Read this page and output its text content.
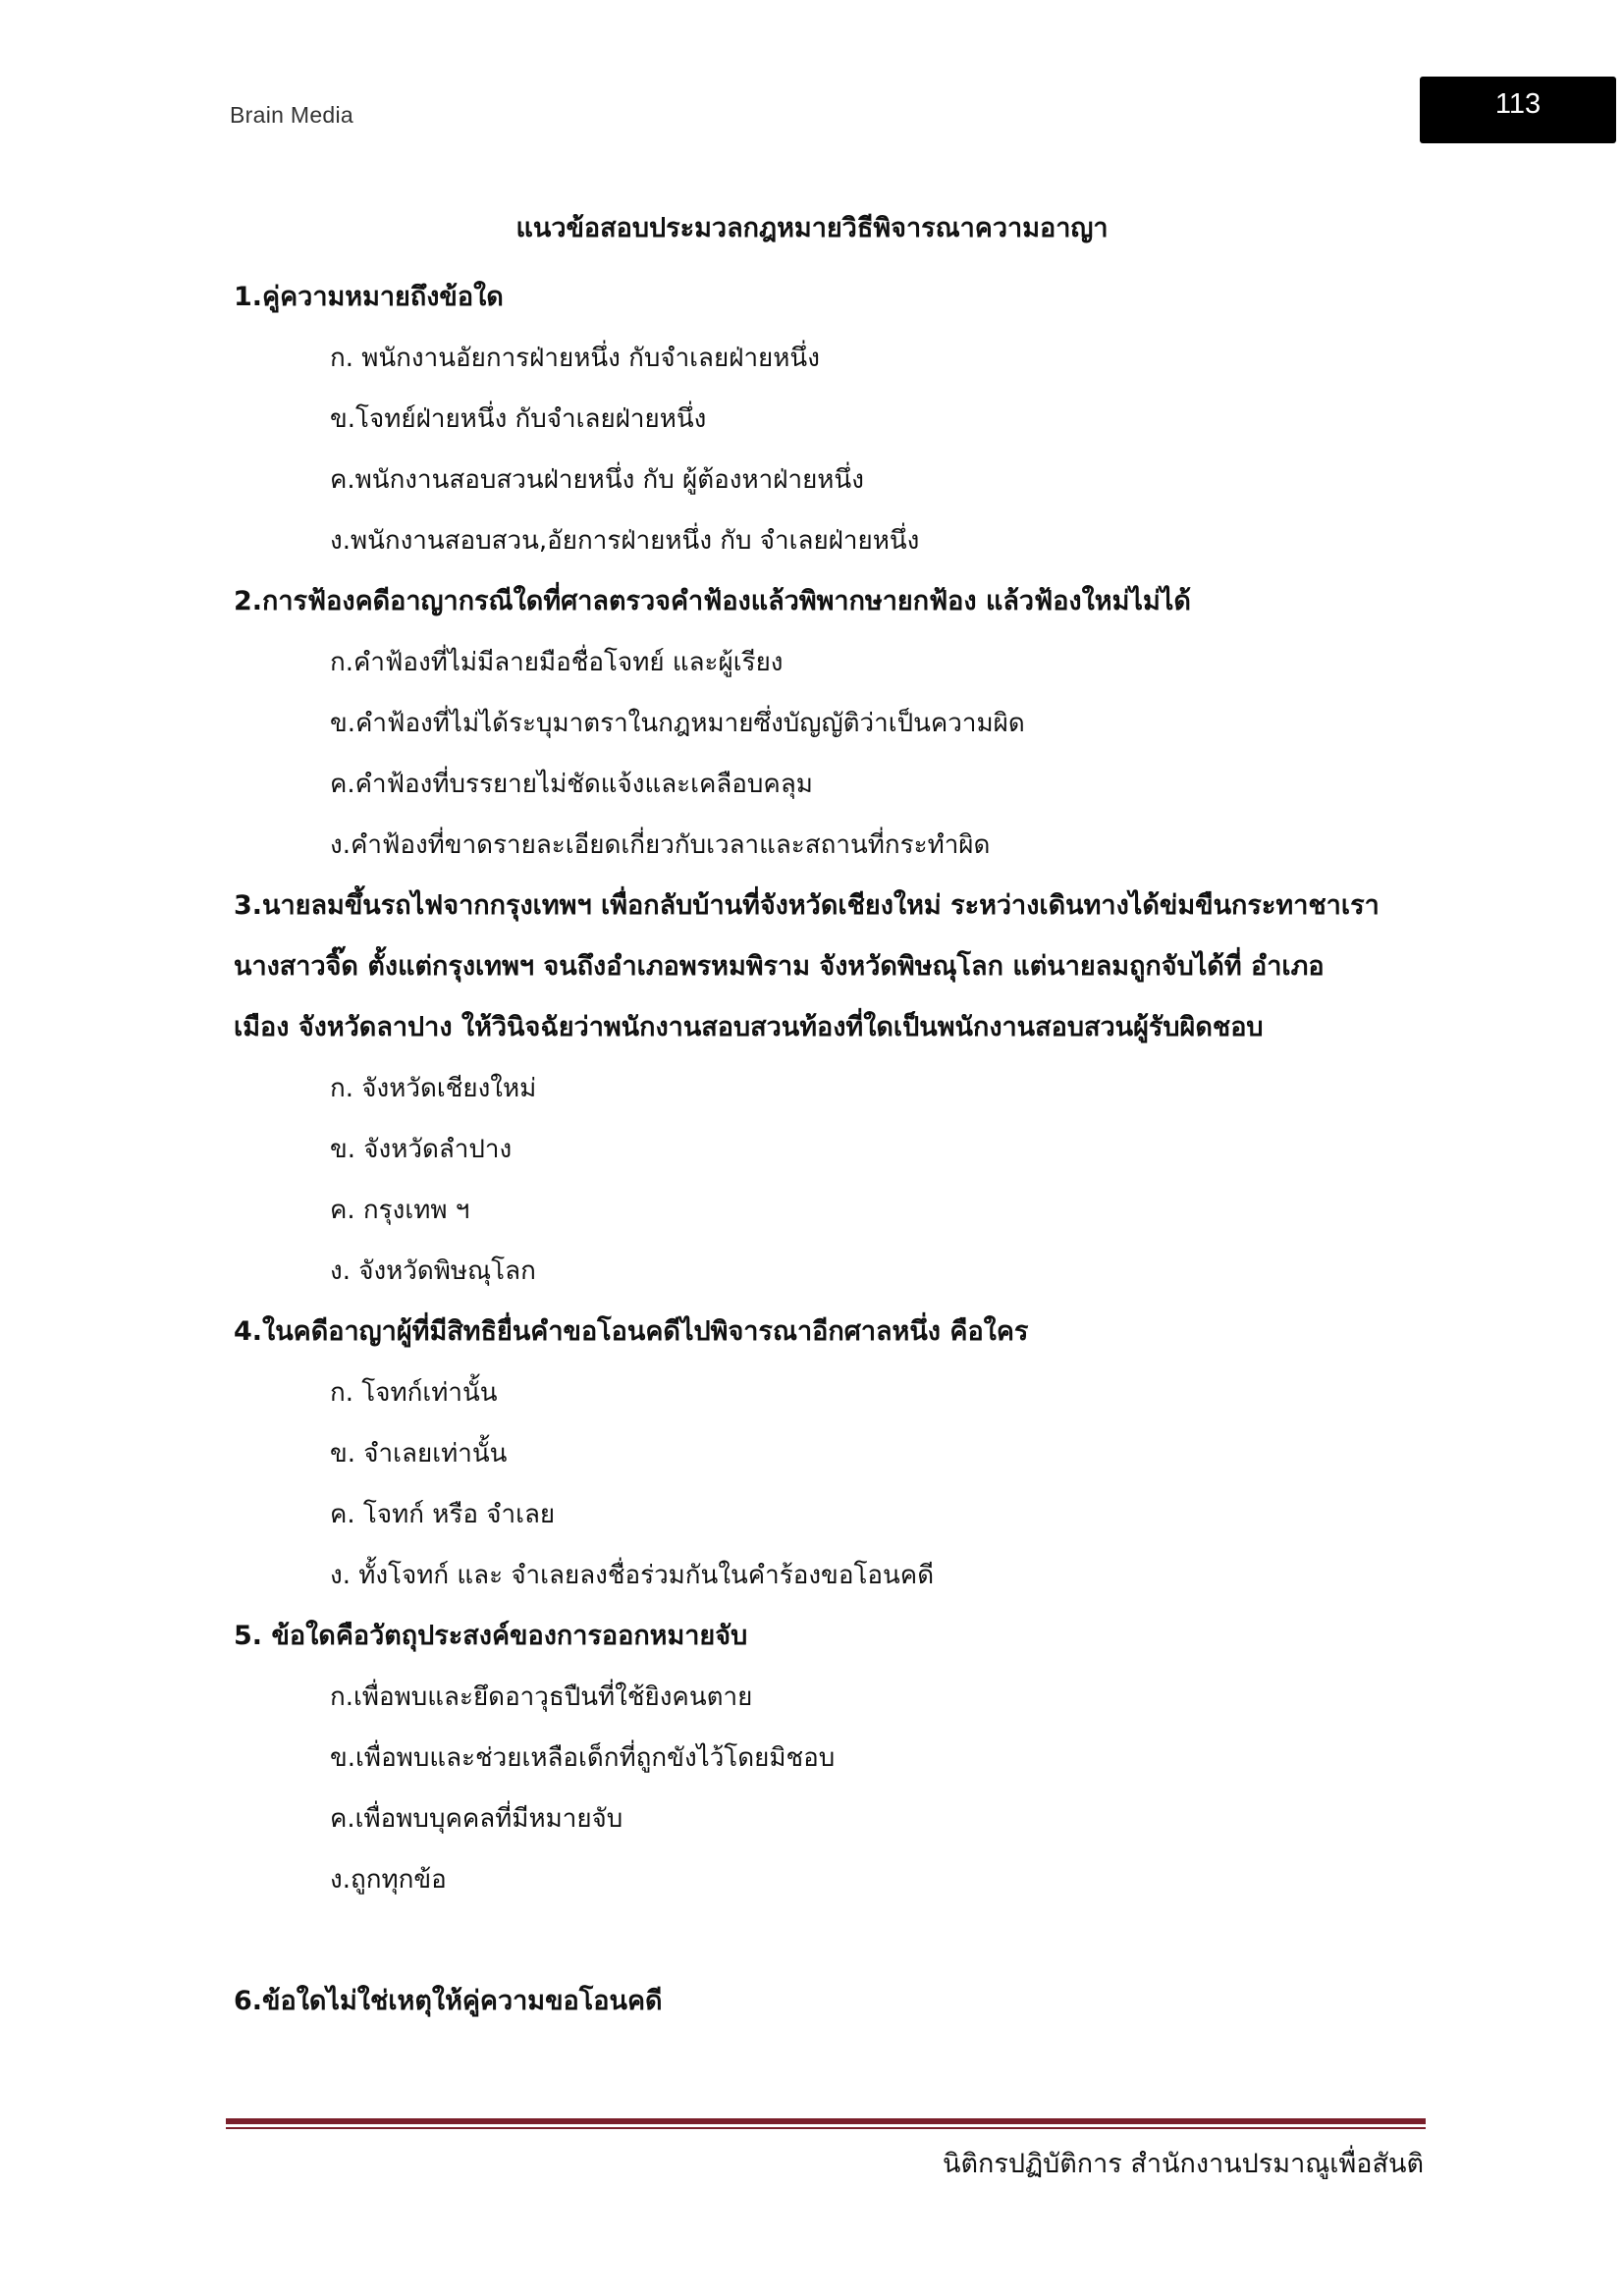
Brain Media	113
แนวข้อสอบประมวลกฎหมายวิธีพิจารณาความอาญา

1.คู่ความหมายถึงข้อใด

ก. พนักงานอัยการฝ่ายหนึ่ง กับจำเลยฝ่ายหนึ่ง
ข.โจทย์ฝ่ายหนึ่ง กับจำเลยฝ่ายหนึ่ง
ค.พนักงานสอบสวนฝ่ายหนึ่ง กับ ผู้ต้องหาฝ่ายหนึ่ง
ง.พนักงานสอบสวน,อัยการฝ่ายหนึ่ง กับ จำเลยฝ่ายหนึ่ง

2.การฟ้องคดีอาญากรณีใดที่ศาลตรวจคำฟ้องแล้วพิพากษายกฟ้อง แล้วฟ้องใหม่ไม่ได้

ก.คำฟ้องที่ไม่มีลายมือชื่อโจทย์ และผู้เรียง
ข.คำฟ้องที่ไม่ได้ระบุมาตราในกฎหมายซึ่งบัญญัติว่าเป็นความผิด
ค.คำฟ้องที่บรรยายไม่ชัดแจ้งและเคลือบคลุม
ง.คำฟ้องที่ขาดรายละเอียดเกี่ยวกับเวลาและสถานที่กระทำผิด

3.นายลมขึ้นรถไฟจากกรุงเทพฯ เพื่อกลับบ้านที่จังหวัดเชียงใหม่ ระหว่างเดินทางได้ข่มขืนกระทาชาเรา

นางสาวจิ๊ด ตั้งแต่กรุงเทพฯ จนถึงอำเภอพรหมพิราม จังหวัดพิษณุโลก แต่นายลมถูกจับได้ที่ อำเภอ

เมือง จังหวัดลาปาง ให้วินิจฉัยว่าพนักงานสอบสวนท้องที่ใดเป็นพนักงานสอบสวนผู้รับผิดชอบ

ก. จังหวัดเชียงใหม่
ข. จังหวัดลำปาง
ค. กรุงเทพ ฯ
ง. จังหวัดพิษณุโลก

4.ในคดีอาญาผู้ที่มีสิทธิยื่นคำขอโอนคดีไปพิจารณาอีกศาลหนึ่ง คือใคร

ก. โจทก์เท่านั้น
ข. จำเลยเท่านั้น
ค. โจทก์ หรือ จำเลย
ง. ทั้งโจทก์ และ จำเลยลงชื่อร่วมกันในคำร้องขอโอนคดี

5. ข้อใดคือวัตถุประสงค์ของการออกหมายจับ

ก.เพื่อพบและยึดอาวุธปืนที่ใช้ยิงคนตาย
ข.เพื่อพบและช่วยเหลือเด็กที่ถูกขังไว้โดยมิชอบ
ค.เพื่อพบบุคคลที่มีหมายจับ
ง.ถูกทุกข้อ

6.ข้อใดไม่ใช่เหตุให้คู่ความขอโอนคดี

นิติกรปฏิบัติการ สำนักงานปรมาณูเพื่อสันติ
